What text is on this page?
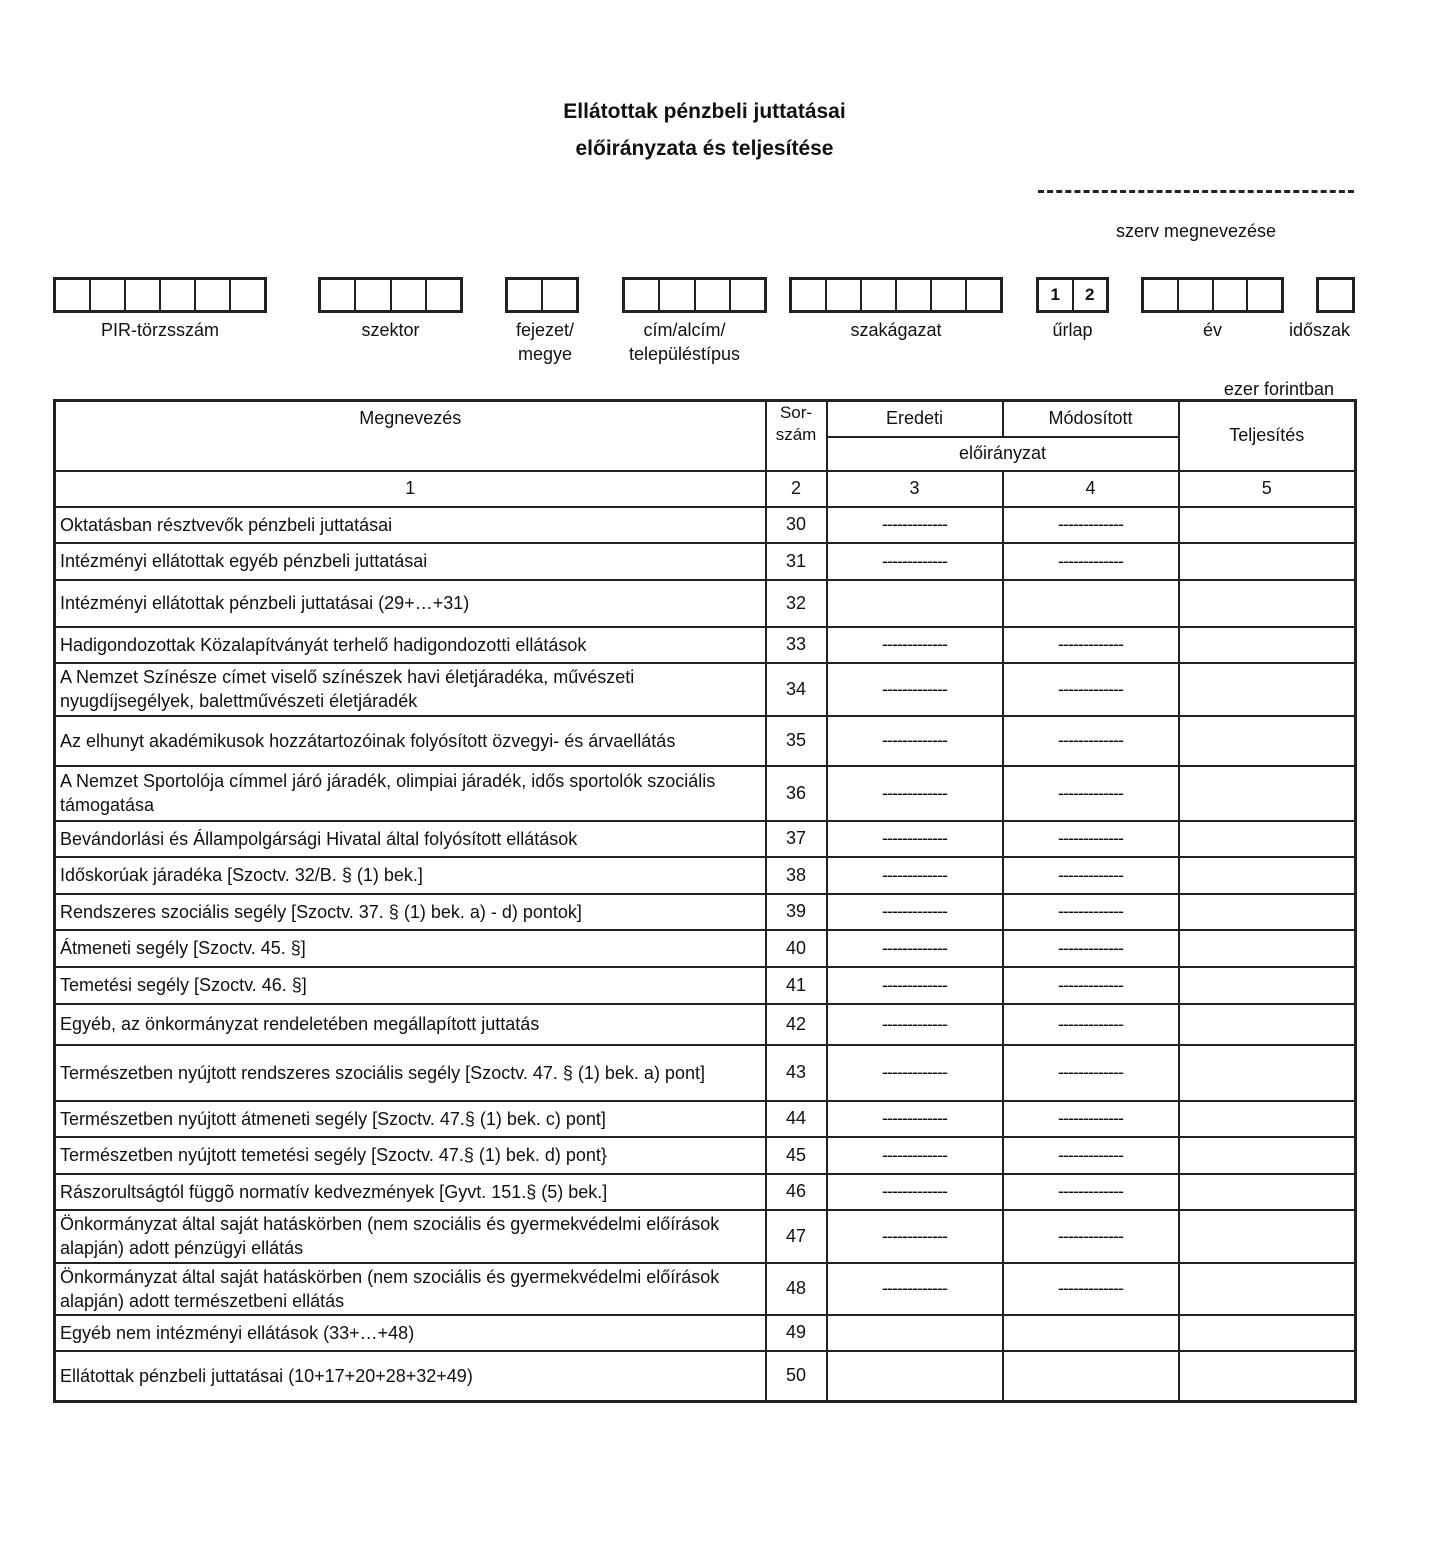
Ellátottak pénzbeli juttatásai
előirányzata és teljesítése
szerv megnevezése
PIR-törzsszám	szektor	fejezet/
megye
cím/alcím/
településtípus
szakágazat
1	2
űrlap	év	időszak
ezer forintban
Megnevezés	Sor-szám	Eredeti	Módosított	Teljesítés
		előirányzat		
1	2	3	4	5
Oktatásban résztvevők pénzbeli juttatásai	30	-------------	-------------	
Intézményi ellátottak egyéb pénzbeli juttatásai	31	-------------	-------------	
Intézményi ellátottak pénzbeli juttatásai (29+…+31)	32			
Hadigondozottak Közalapítványát terhelő hadigondozotti ellátások	33	-------------	-------------	
A Nemzet Színésze címet viselő színészek havi életjáradéka, művészeti nyugdíjsegélyek, balettművészeti életjáradék	34	-------------	-------------	
Az elhunyt akadémikusok hozzátartozóinak folyósított özvegyi- és árvaellátás	35	-------------	-------------	
A Nemzet Sportolója címmel járó járadék, olimpiai járadék, idős sportolók szociális támogatása	36	-------------	-------------	
Bevándorlási és Állampolgársági Hivatal által folyósított ellátások	37	-------------	-------------	
Időskorúak járadéka [Szoctv. 32/B. § (1) bek.]	38	-------------	-------------	
Rendszeres szociális segély [Szoctv. 37. § (1) bek. a) - d) pontok]	39	-------------	-------------	
Átmeneti segély [Szoctv. 45. §]	40	-------------	-------------	
Temetési segély [Szoctv. 46. §]	41	-------------	-------------	
Egyéb, az önkormányzat rendeletében megállapított juttatás	42	-------------	-------------	
Természetben nyújtott rendszeres szociális segély [Szoctv. 47. § (1) bek. a) pont]	43	-------------	-------------	
Természetben nyújtott átmeneti segély [Szoctv. 47.§ (1) bek. c) pont]	44	-------------	-------------	
Természetben nyújtott temetési segély [Szoctv. 47.§ (1) bek. d) pont}	45	-------------	-------------	
Rászorultságtól függõ normatív kedvezmények [Gyvt. 151.§ (5) bek.]	46	-------------	-------------	
Önkormányzat által saját hatáskörben (nem szociális és gyermekvédelmi előírások alapján) adott pénzügyi ellátás	47	-------------	-------------	
Önkormányzat által saját hatáskörben (nem szociális és gyermekvédelmi előírások alapján) adott természetbeni ellátás	48	-------------	-------------	
Egyéb nem intézményi ellátások (33+…+48)	49			
Ellátottak pénzbeli juttatásai (10+17+20+28+32+49)	50			
